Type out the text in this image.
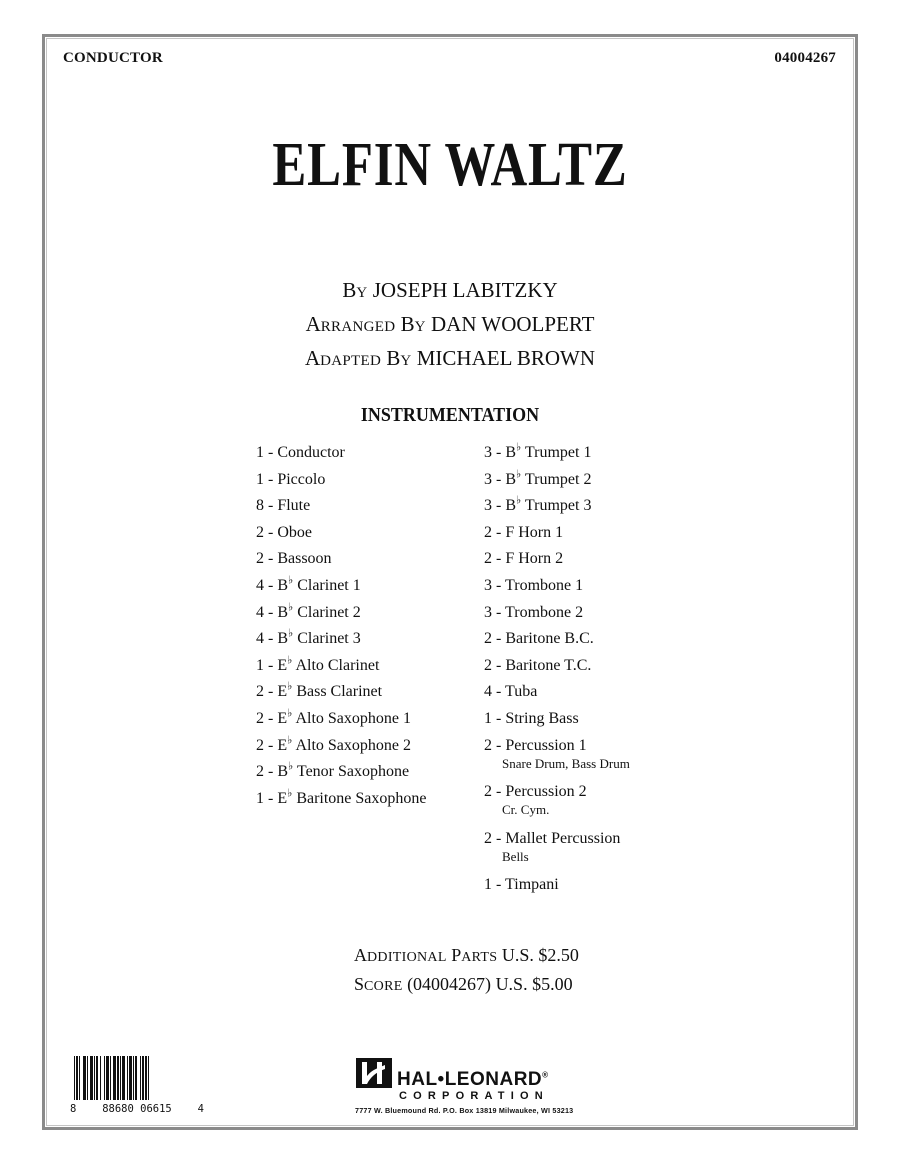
CONDUCTOR	04004267
ELFIN WALTZ
BY JOSEPH LABITZKY
ARRANGED BY DAN WOOLPERT
ADAPTED BY MICHAEL BROWN
INSTRUMENTATION
1 - Conductor
1 - Piccolo
8 - Flute
2 - Oboe
2 - Bassoon
4 - B♭ Clarinet 1
4 - B♭ Clarinet 2
4 - B♭ Clarinet 3
1 - E♭ Alto Clarinet
2 - E♭ Bass Clarinet
2 - E♭ Alto Saxophone 1
2 - E♭ Alto Saxophone 2
2 - B♭ Tenor Saxophone
1 - E♭ Baritone Saxophone
3 - B♭ Trumpet 1
3 - B♭ Trumpet 2
3 - B♭ Trumpet 3
2 - F Horn 1
2 - F Horn 2
3 - Trombone 1
3 - Trombone 2
2 - Baritone B.C.
2 - Baritone T.C.
4 - Tuba
1 - String Bass
2 - Percussion 1
Snare Drum, Bass Drum
2 - Percussion 2
Cr. Cym.
2 - Mallet Percussion
Bells
1 - Timpani
ADDITIONAL PARTS U.S. $2.50
SCORE (04004267) U.S. $5.00
8 88680 06615 4
HAL•LEONARD®
CORPORATION
7777 W. Bluemound Rd. P.O. Box 13819 Milwaukee, WI 53213
